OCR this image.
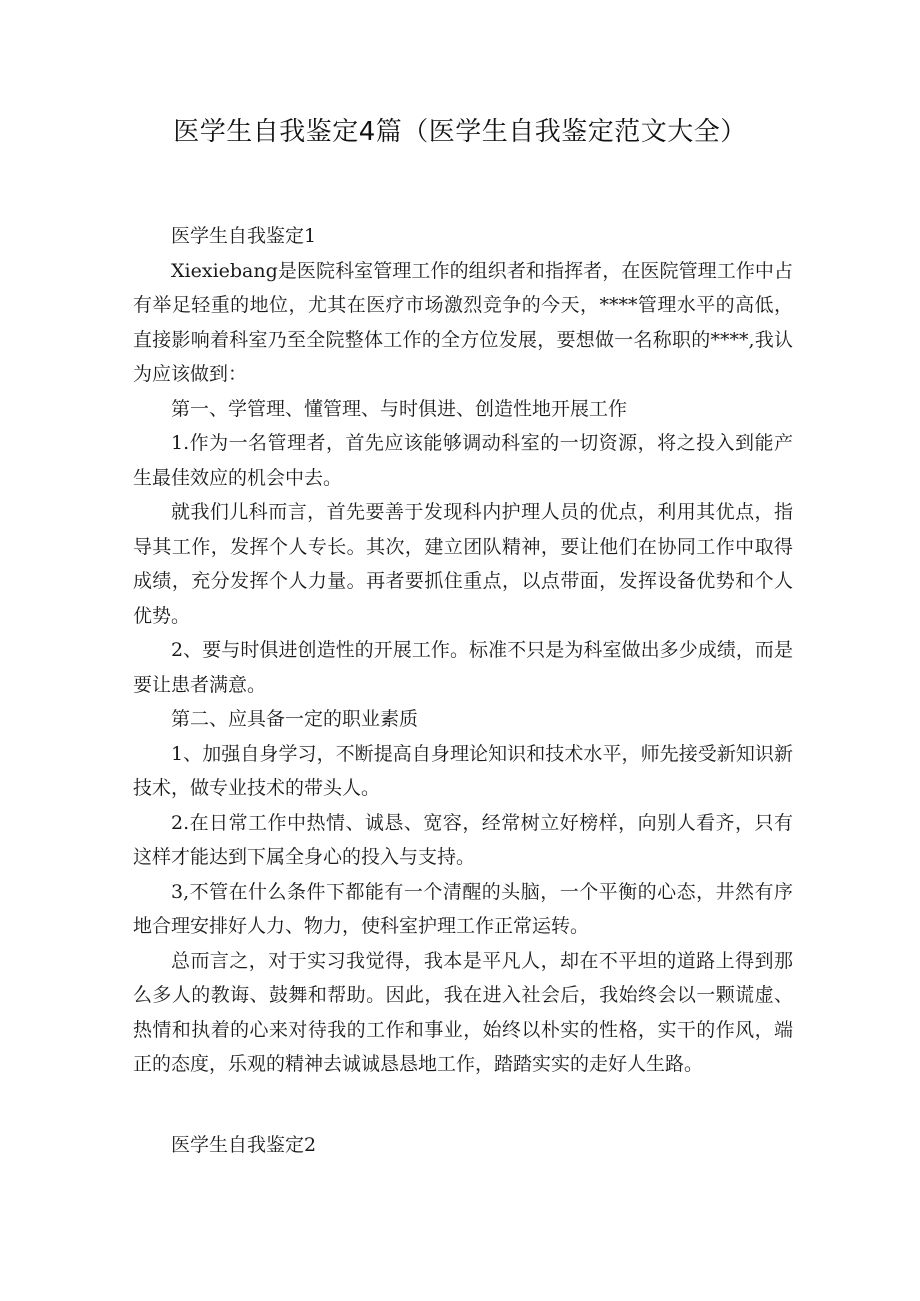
医学生自我鉴定4篇（医学生自我鉴定范文大全）

医学生自我鉴定1

Xiexiebang是医院科室管理工作的组织者和指挥者，在医院管理工作中占有举足轻重的地位，尤其在医疗市场激烈竞争的今天，****管理水平的高低，直接影响着科室乃至全院整体工作的全方位发展，要想做一名称职的****,我认为应该做到：

第一、学管理、懂管理、与时俱进、创造性地开展工作

1.作为一名管理者，首先应该能够调动科室的一切资源，将之投入到能产生最佳效应的机会中去。

就我们儿科而言，首先要善于发现科内护理人员的优点，利用其优点，指导其工作，发挥个人专长。其次，建立团队精神，要让他们在协同工作中取得成绩，充分发挥个人力量。再者要抓住重点，以点带面，发挥设备优势和个人优势。

2、要与时俱进创造性的开展工作。标准不只是为科室做出多少成绩，而是要让患者满意。

第二、应具备一定的职业素质

1、加强自身学习，不断提高自身理论知识和技术水平，师先接受新知识新技术，做专业技术的带头人。

2.在日常工作中热情、诚恳、宽容，经常树立好榜样，向别人看齐，只有这样才能达到下属全身心的投入与支持。

3,不管在什么条件下都能有一个清醒的头脑，一个平衡的心态，井然有序地合理安排好人力、物力，使科室护理工作正常运转。

总而言之，对于实习我觉得，我本是平凡人，却在不平坦的道路上得到那么多人的教诲、鼓舞和帮助。因此，我在进入社会后，我始终会以一颗谎虚、热情和执着的心来对待我的工作和事业，始终以朴实的性格，实干的作风，端正的态度，乐观的精神去诚诚恳恳地工作，踏踏实实的走好人生路。

医学生自我鉴定2
